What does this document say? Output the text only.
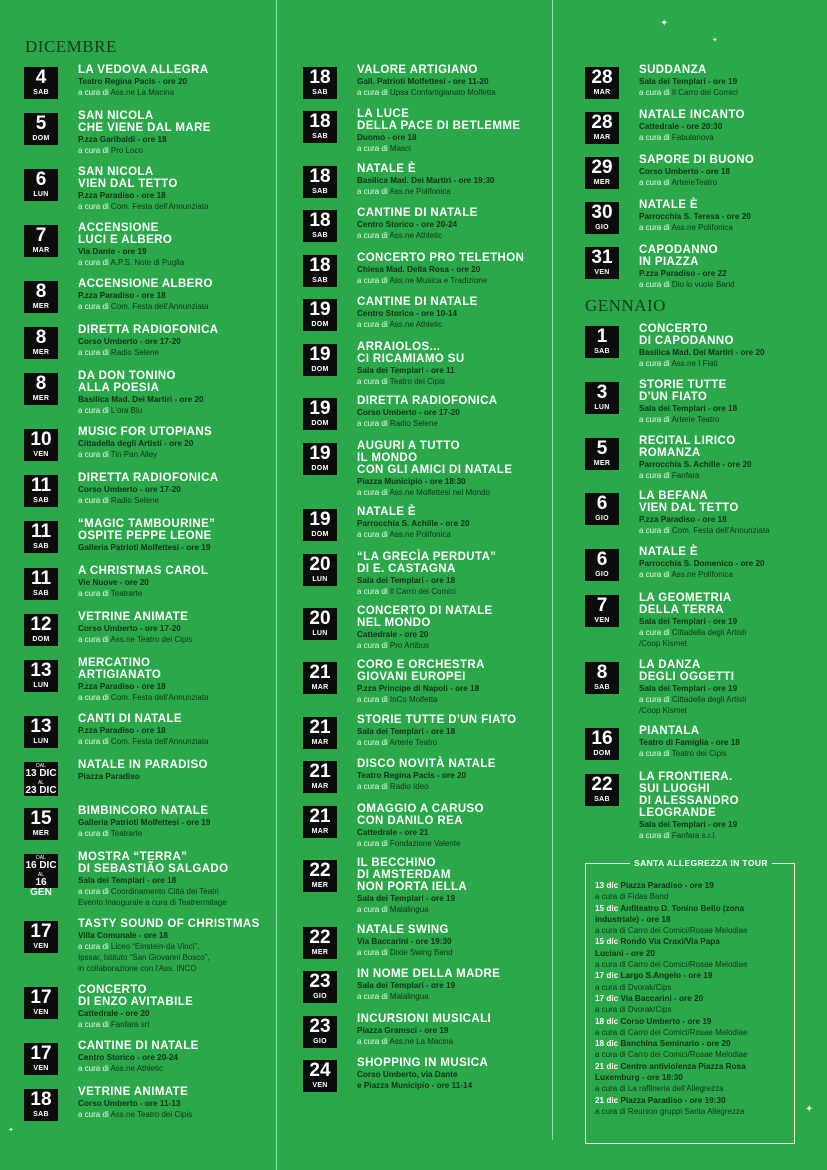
DICEMBRE
4
SAB
LA VEDOVA ALLEGRA
Teatro Regina Pacis - ore 20
a cura di Ass.ne La Macina
5
DOM
SAN NICOLA
CHE VIENE DAL MARE
P.zza Garibaldi - ore 18
a cura di Pro Loco
6
LUN
SAN NICOLA
VIEN DAL TETTO
P.zza Paradiso - ore 18
a cura di Com. Festa dell'Annunziata
7
MAR
ACCENSIONE
LUCI E ALBERO
Via Dante - ore 19
a cura di A.P.S. Note di Puglia
8
MER
ACCENSIONE ALBERO
P.zza Paradiso - ore 18
a cura di Com. Festa dell'Annunziata
8
MER
DIRETTA RADIOFONICA
Corso Umberto - ore 17-20
a cura di Radio Selene
8
MER
DA DON TONINO
ALLA POESIA
Basilica Mad. Dei Martiri - ore 20
a cura di L'ora Blu
10
VEN
MUSIC FOR UTOPIANS
Cittadella degli Artisti - ore 20
a cura di Tin Pan Alley
11
SAB
DIRETTA RADIOFONICA
Corso Umberto - ore 17-20
a cura di Radio Selene
11
SAB
“MAGIC TAMBOURINE”
OSPITE PEPPE LEONE
Galleria Patrioti Molfettesi - ore 19
11
SAB
A CHRISTMAS CAROL
Vie Nuove - ore 20
a cura di Teatrarte
12
DOM
VETRINE ANIMATE
Corso Umberto - ore 17-20
a cura di Ass.ne Teatro dei Cipis
13
LUN
MERCATINO
ARTIGIANATO
P.zza Paradiso - ore 18
a cura di Com. Festa dell'Annunziata
13
LUN
CANTI DI NATALE
P.zza Paradiso - ore 18
a cura di Com. Festa dell'Annunziata
DAL
13 DIC
AL
23 DIC
NATALE IN PARADISO
Piazza Paradiso
15
MER
BIMBINCORO NATALE
Galleria Patrioti Molfettesi - ore 19
a cura di Teatrarte
DAL
16 DIC
AL
16 GEN
MOSTRA “TERRA”
DI SEBASTIÃO SALGADO
Sala dei Templari - ore 18
a cura di Coordinamento Città dei Teatri
Evento Inaugurale a cura di Teatrermitage
17
VEN
TASTY SOUND OF CHRISTMAS
Villa Comunale - ore 18
a cura di Liceo “Einstein-da Vinci”,
Ipssar, Istituto “San Giovanni Bosco”,
in collaborazione con l'Ass. INCO
17
VEN
CONCERTO
DI ENZO AVITABILE
Cattedrale - ore 20
a cura di Fanfara srl
17
VEN
CANTINE DI NATALE
Centro Storico - ore 20-24
a cura di Ass.ne Athletic
18
SAB
VETRINE ANIMATE
Corso Umberto - ore 11-13
a cura di Ass.ne Teatro dei Cipis
18
SAB
VALORE ARTIGIANO
Gall. Patrioti Molfettesi - ore 11-20
a cura di Upsa Confartigianato Molfetta
18
SAB
LA LUCE
DELLA PACE DI BETLEMME
Duomo - ore 18
a cura di Masci
18
SAB
NATALE È
Basilica Mad. Dei Martiri - ore 19:30
a cura di Ass.ne Polifonica
18
SAB
CANTINE DI NATALE
Centro Storico - ore 20-24
a cura di Ass.ne Athletic
18
SAB
CONCERTO PRO TELETHON
Chiesa Mad. Della Rosa - ore 20
a cura di Ass.ne Musica e Tradizione
19
DOM
CANTINE DI NATALE
Centro Storico - ore 10-14
a cura di Ass.ne Athletic
19
DOM
ARRAIOLOS...
CI RICAMIAMO SU
Sala dei Templari - ore 11
a cura di Teatro dei Cipis
19
DOM
DIRETTA RADIOFONICA
Corso Umberto - ore 17-20
a cura di Radio Selene
19
DOM
AUGURI A TUTTO
IL MONDO
CON GLI AMICI DI NATALE
Piazza Municipio - ore 18:30
a cura di Ass.ne Molfettesi nel Mondo
19
DOM
NATALE È
Parrocchia S. Achille - ore 20
a cura di Ass.ne Polifonica
20
LUN
“LA GRECÌA PERDUTA”
DI E. CASTAGNA
Sala dei Templari - ore 18
a cura di Il Carro dei Comici
20
LUN
CONCERTO DI NATALE
NEL MONDO
Cattedrale - ore 20
a cura di Pro Artibus
21
MAR
CORO E ORCHESTRA
GIOVANI EUROPEI
P.zza Principe di Napoli - ore 18
a cura di InCo Molfetta
21
MAR
STORIE TUTTE D'UN FIATO
Sala dei Templari - ore 18
a cura di Arterie Teatro
21
MAR
DISCO NOVITÀ NATALE
Teatro Regina Pacis - ore 20
a cura di Radio Ideo
21
MAR
OMAGGIO A CARUSO
CON DANILO REA
Cattedrale - ore 21
a cura di Fondazione Valente
22
MER
IL BECCHINO
DI AMSTERDAM
NON PORTA IELLA
Sala dei Templari - ore 19
a cura di Malalingua
22
MER
NATALE SWING
Via Baccarini - ore 19:30
a cura di Dixie Swing Band
23
GIO
IN NOME DELLA MADRE
Sala dei Templari - ore 19
a cura di Malalingua
23
GIO
INCURSIONI MUSICALI
Piazza Gramsci - ore 19
a cura di Ass.ne La Macina
24
VEN
SHOPPING IN MUSICA
Corso Umberto, via Dante
e Piazza Municipio - ore 11-14
GENNAIO
28
MAR
SUDDANZA
Sala dei Templari - ore 19
a cura di Il Carro dei Comici
28
MAR
NATALE INCANTO
Cattedrale - ore 20:30
a cura di Fabulanova
29
MER
SAPORE DI BUONO
Corso Umberto - ore 18
a cura di ArterieTeatro
30
GIO
NATALE È
Parrocchia S. Teresa - ore 20
a cura di Ass.ne Polifonica
31
VEN
CAPODANNO
IN PIAZZA
P.zza Paradiso - ore 22
a cura di Dio lo vuole Band
1
SAB
CONCERTO
DI CAPODANNO
Basilica Mad. Dei Martiri - ore 20
a cura di Ass.ne I Fiati
3
LUN
STORIE TUTTE
D'UN FIATO
Sala dei Templari - ore 18
a cura di Arterie Teatro
5
MER
RECITAL LIRICO
ROMANZA
Parrocchia S. Achille - ore 20
a cura di Fanfara
6
GIO
LA BEFANA
VIEN DAL TETTO
P.zza Paradiso - ore 18
a cura di Com. Festa dell'Annunziata
6
GIO
NATALE È
Parrocchia S. Domenico - ore 20
a cura di Ass.ne Polifonica
7
VEN
LA GEOMETRIA
DELLA TERRA
Sala dei Templari - ore 19
a cura di Cittadella degli Artisti
/Coop Kismet
8
SAB
LA DANZA
DEGLI OGGETTI
Sala dei Templari - ore 19
a cura di Cittadella degli Artisti
/Coop Kismet
16
DOM
PIANTALA
Teatro di Famiglia - ore 18
a cura di Teatro dei Cipis
22
SAB
LA FRONTIERA.
SUI LUOGHI
DI ALESSANDRO
LEOGRANDE
Sala dei Templari - ore 19
a cura di Fanfara s.r.l.
SANTA ALLEGREZZA IN TOUR
13 dic Piazza Paradiso - ore 19
a cura di Fidas Band
15 dic Anfiteatro D. Tonino Bello (zona
industriale) - ore 18
a cura di Carro dei Comici/Rosae Melodiae
15 dic Rondò Via Craxi/Via Papa
Luciani - ore 20
a cura di Carro dei Comici/Rosae Melodiae
17 dic Largo S.Angelo - ore 19
a cura di Dvorak/Cips
17 dic Via Baccarini - ore 20
a cura di Dvorak/Cips
18 dic Corso Umberto - ore 19
a cura di Carro dei Comici/Rosae Melodiae
18 dic Banchina Seminario - ore 20
a cura di Carro dei Comici/Rosae Melodiae
21 dic Centro antiviolenza Piazza Rosa
Luxemburg - ore 18:30
a cura di La raffineria dell'Allegrezza
21 dic Piazza Paradiso - ore 19:30
a cura di Reunion gruppi Santa Allegrezza
✦
✦
✦
✦
